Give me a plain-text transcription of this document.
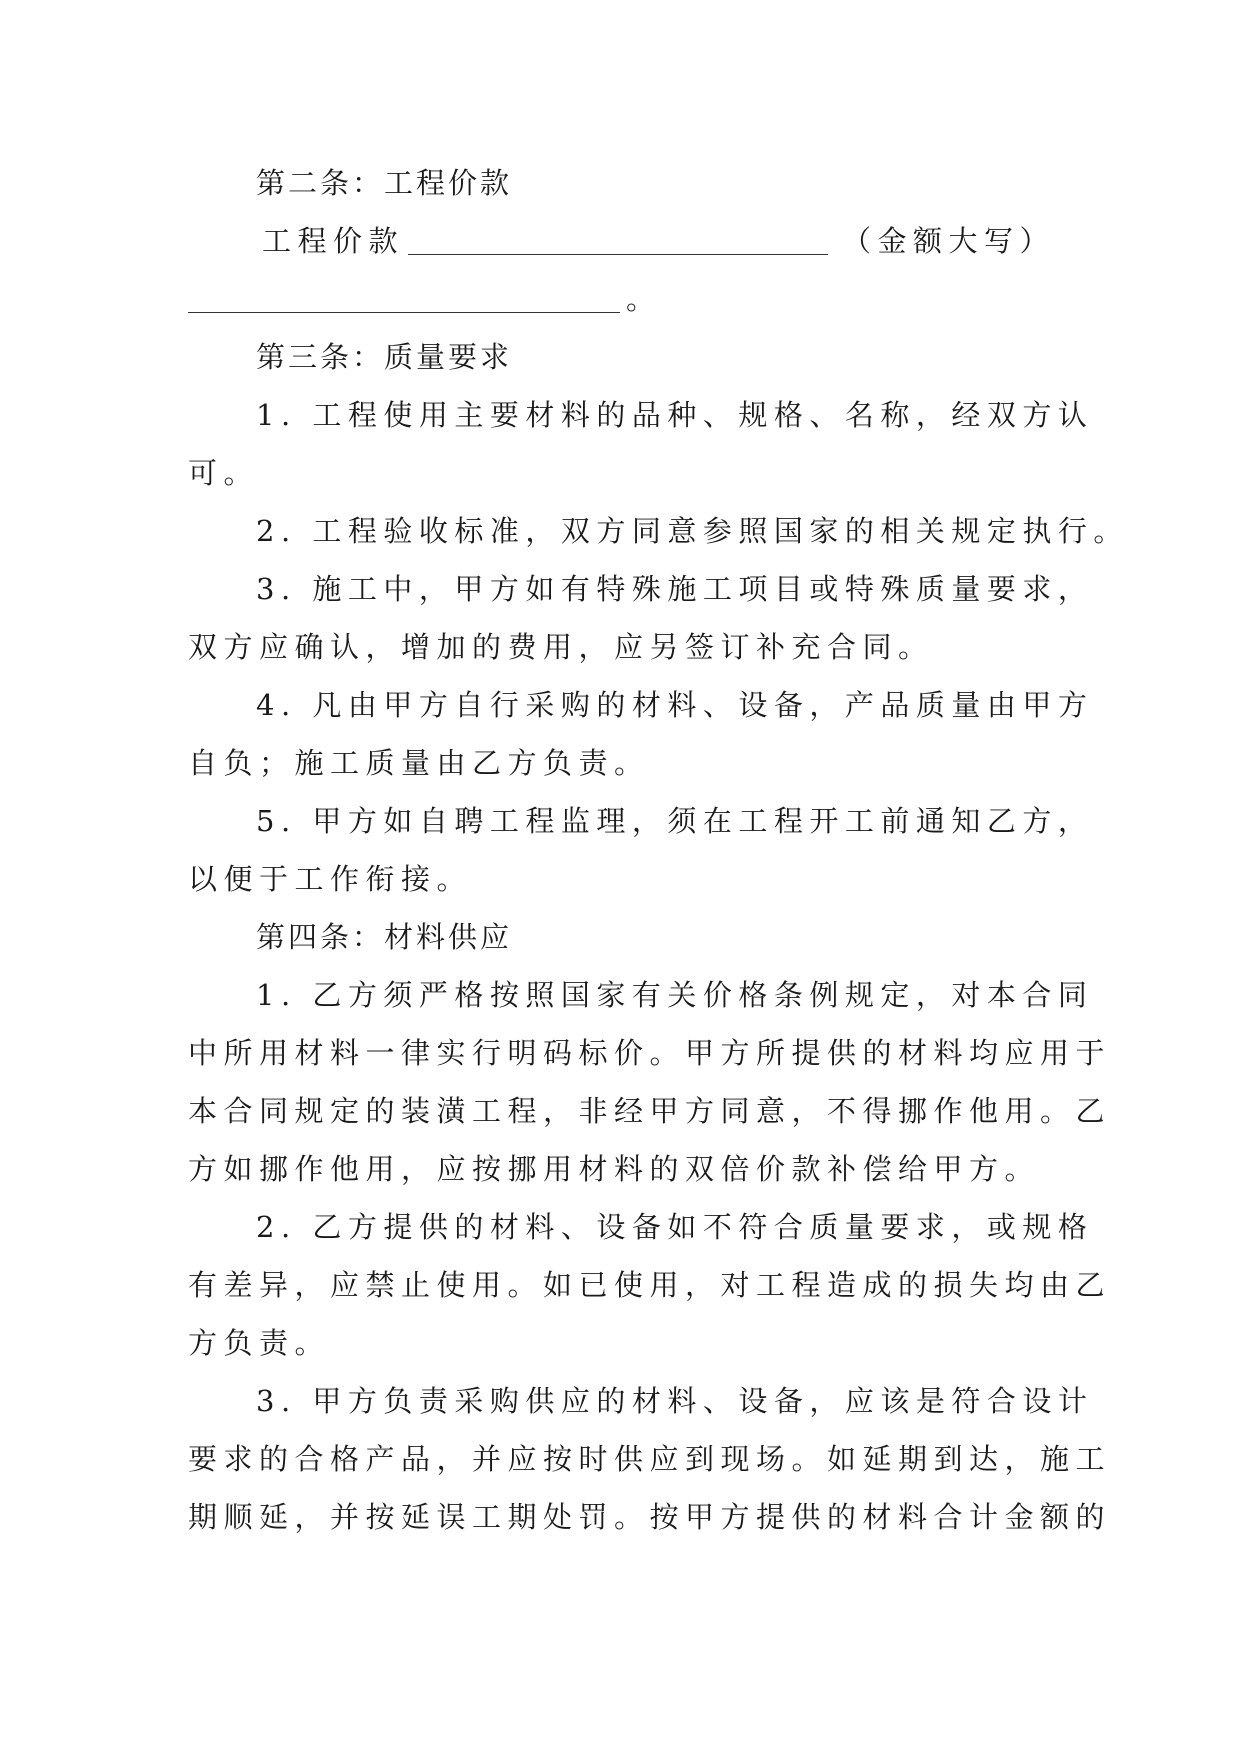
第二条：工程价款
工程价款	（金额大写）
。
第三条：质量要求
1. 工程使用主要材料的品种、规格、名称，经双方认
可。
2. 工程验收标准，双方同意参照国家的相关规定执行。
3. 施工中，甲方如有特殊施工项目或特殊质量要求，
双方应确认，增加的费用，应另签订补充合同。
4. 凡由甲方自行采购的材料、设备，产品质量由甲方
自负；施工质量由乙方负责。
5. 甲方如自聘工程监理，须在工程开工前通知乙方，
以便于工作衔接。
第四条：材料供应
1. 乙方须严格按照国家有关价格条例规定，对本合同
中所用材料一律实行明码标价。甲方所提供的材料均应用于
本合同规定的装潢工程，非经甲方同意，不得挪作他用。乙
方如挪作他用，应按挪用材料的双倍价款补偿给甲方。
2. 乙方提供的材料、设备如不符合质量要求，或规格
有差异，应禁止使用。如已使用，对工程造成的损失均由乙
方负责。
3. 甲方负责采购供应的材料、设备，应该是符合设计
要求的合格产品，并应按时供应到现场。如延期到达，施工
期顺延，并按延误工期处罚。按甲方提供的材料合计金额的
